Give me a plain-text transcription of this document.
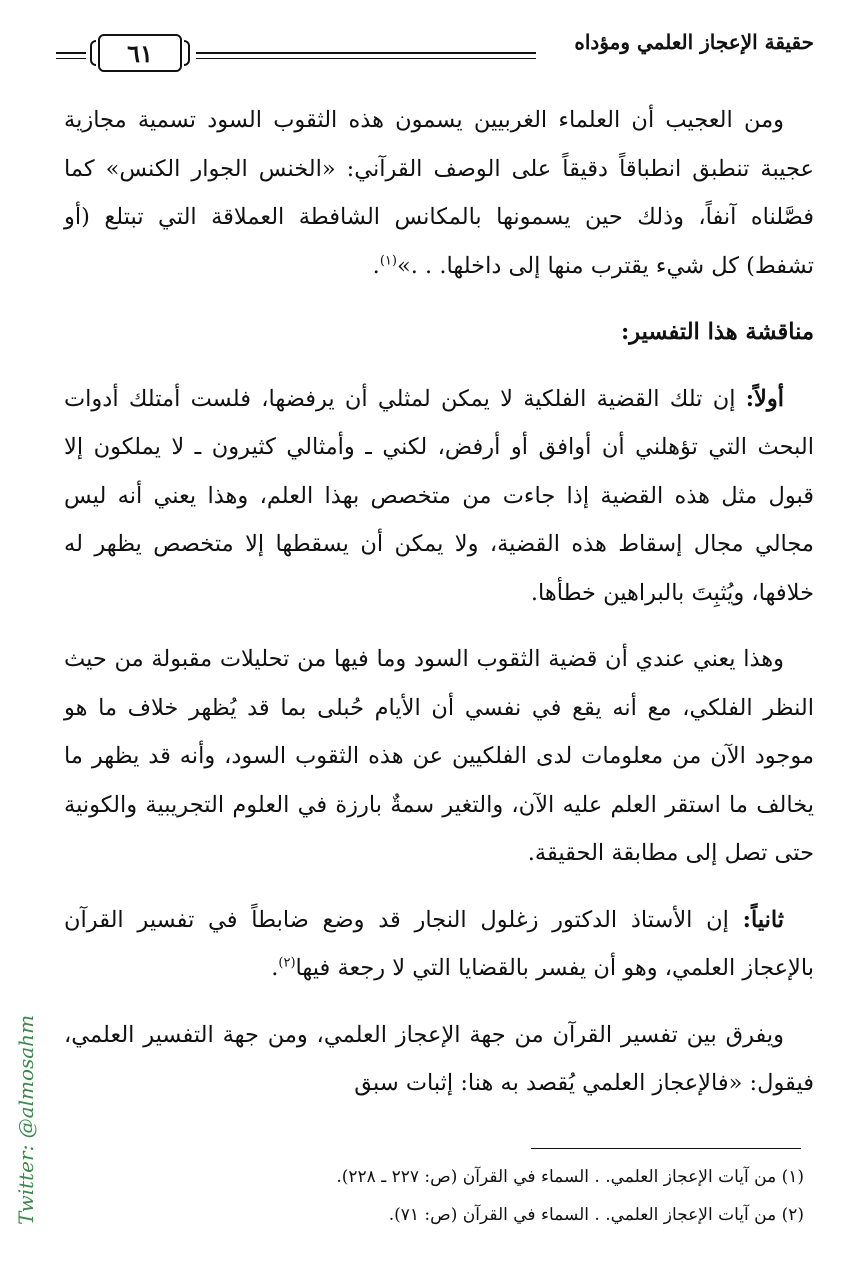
حقيقة الإعجاز العلمي ومؤداه
٦١

ومن العجيب أن العلماء الغربيين يسمون هذه الثقوب السود تسمية مجازية عجيبة تنطبق انطباقاً دقيقاً على الوصف القرآني: «الخنس الجوار الكنس» كما فصَّلناه آنفاً، وذلك حين يسمونها بالمكانس الشافطة العملاقة التي تبتلع (أو تشفط) كل شيء يقترب منها إلى داخلها. . .»$^{(١)}$.

مناقشة هذا التفسير:

أولاً: إن تلك القضية الفلكية لا يمكن لمثلي أن يرفضها، فلست أمتلك أدوات البحث التي تؤهلني أن أوافق أو أرفض، لكني ـ وأمثالي كثيرون ـ لا يملكون إلا قبول مثل هذه القضية إذا جاءت من متخصص بهذا العلم، وهذا يعني أنه ليس مجالي مجال إسقاط هذه القضية، ولا يمكن أن يسقطها إلا متخصص يظهر له خلافها، ويُثبِتَ بالبراهين خطأها.

وهذا يعني عندي أن قضية الثقوب السود وما فيها من تحليلات مقبولة من حيث النظر الفلكي، مع أنه يقع في نفسي أن الأيام حُبلى بما قد يُظهر خلاف ما هو موجود الآن من معلومات لدى الفلكيين عن هذه الثقوب السود، وأنه قد يظهر ما يخالف ما استقر العلم عليه الآن، والتغير سمةٌ بارزة في العلوم التجريبية والكونية حتى تصل إلى مطابقة الحقيقة.

ثانياً: إن الأستاذ الدكتور زغلول النجار قد وضع ضابطاً في تفسير القرآن بالإعجاز العلمي، وهو أن يفسر بالقضايا التي لا رجعة فيها$^{(٢)}$.

ويفرق بين تفسير القرآن من جهة الإعجاز العلمي، ومن جهة التفسير العلمي، فيقول: «فالإعجاز العلمي يُقصد به هنا: إثبات سبق

(١) من آيات الإعجاز العلمي. . السماء في القرآن (ص: ٢٢٧ ـ ٢٢٨).

(٢) من آيات الإعجاز العلمي. . السماء في القرآن (ص: ٧١).

Twitter: @almosahm
